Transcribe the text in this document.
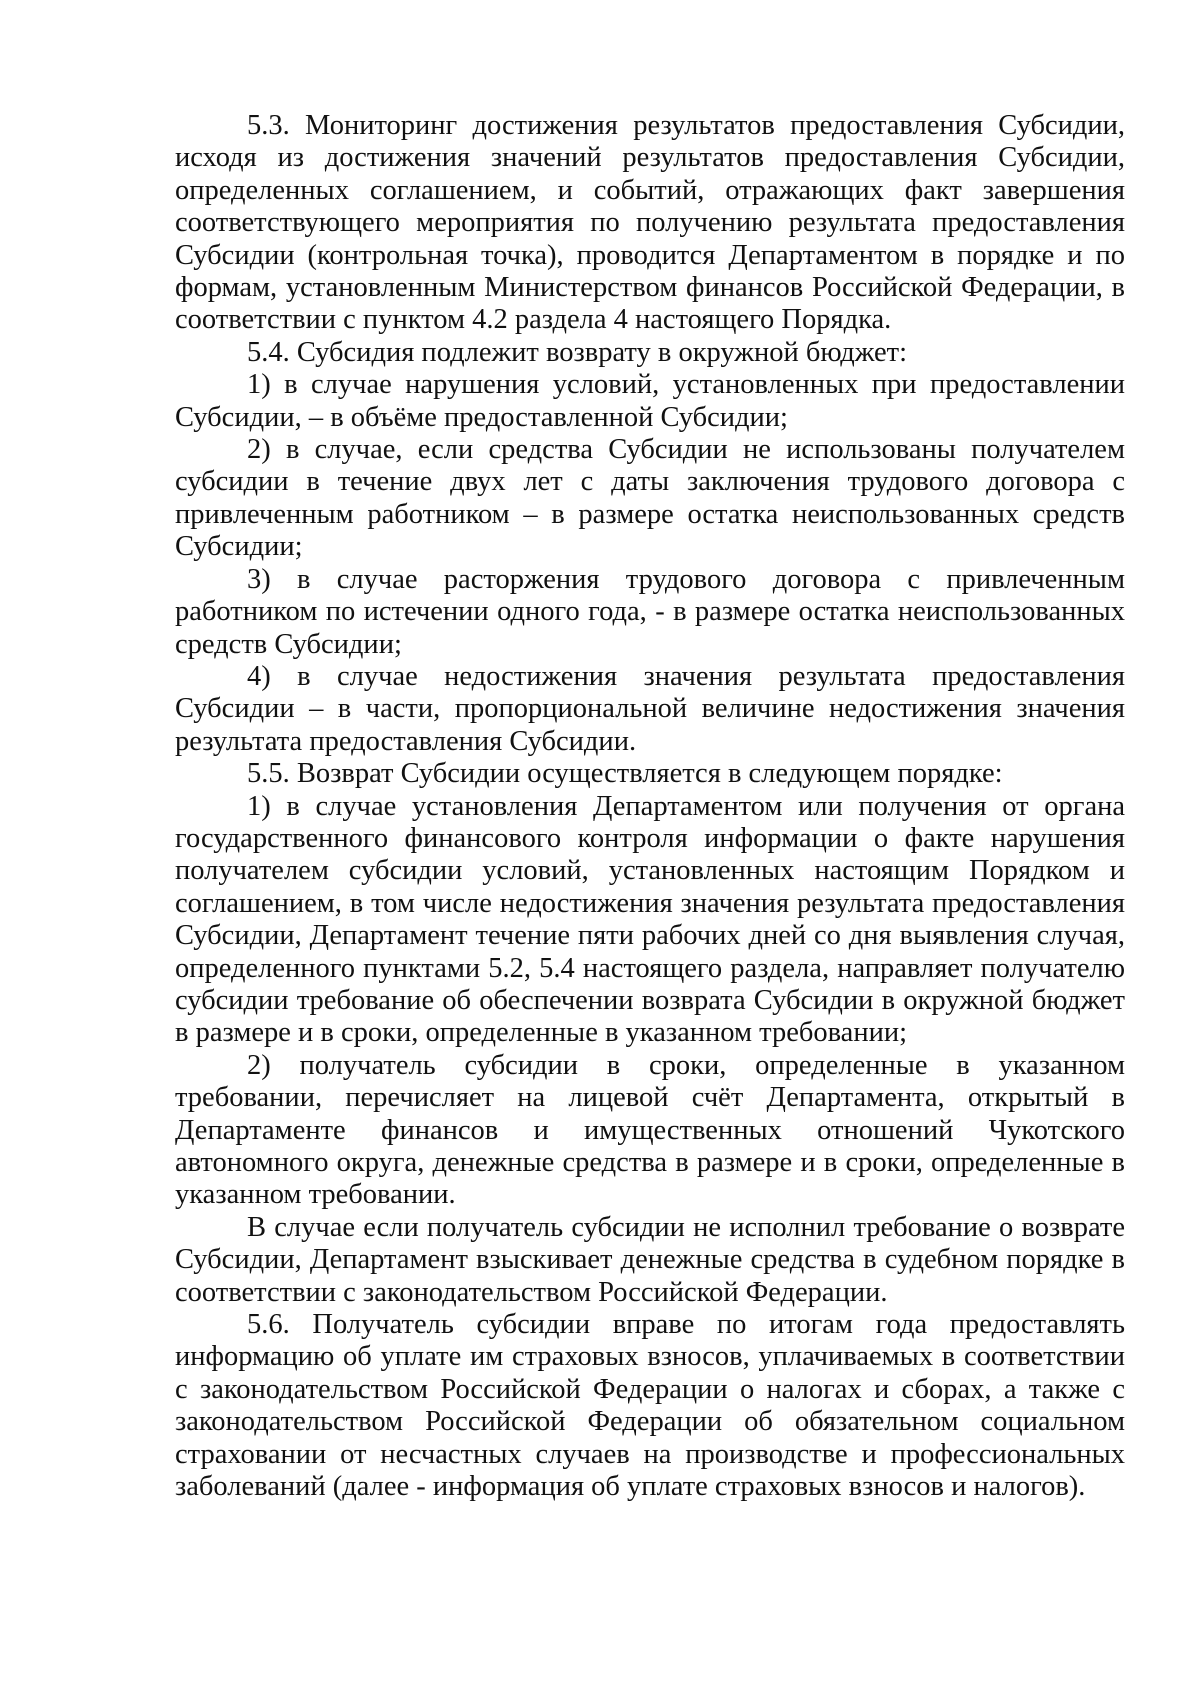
5.3. Мониторинг достижения результатов предоставления Субсидии, исходя из достижения значений результатов предоставления Субсидии, определенных соглашением, и событий, отражающих факт завершения соответствующего мероприятия по получению результата предоставления Субсидии (контрольная точка), проводится Департаментом в порядке и по формам, установленным Министерством финансов Российской Федерации, в соответствии с пунктом 4.2 раздела 4 настоящего Порядка.

5.4. Субсидия подлежит возврату в окружной бюджет:

1) в случае нарушения условий, установленных при предоставлении Субсидии, – в объёме предоставленной Субсидии;

2) в случае, если средства Субсидии не использованы получателем субсидии в течение двух лет с даты заключения трудового договора с привлеченным работником – в размере остатка неиспользованных средств Субсидии;

3) в случае расторжения трудового договора с привлеченным работником по истечении одного года, - в размере остатка неиспользованных средств Субсидии;

4) в случае недостижения значения результата предоставления Субсидии – в части, пропорциональной величине недостижения значения результата предоставления Субсидии.

5.5. Возврат Субсидии осуществляется в следующем порядке:

1) в случае установления Департаментом или получения от органа государственного финансового контроля информации о факте нарушения получателем субсидии условий, установленных настоящим Порядком и соглашением, в том числе недостижения значения результата предоставления Субсидии, Департамент течение пяти рабочих дней со дня выявления случая, определенного пунктами 5.2, 5.4 настоящего раздела, направляет получателю субсидии требование об обеспечении возврата Субсидии в окружной бюджет в размере и в сроки, определенные в указанном требовании;

2) получатель субсидии в сроки, определенные в указанном требовании, перечисляет на лицевой счёт Департамента, открытый в Департаменте финансов и имущественных отношений Чукотского автономного округа, денежные средства в размере и в сроки, определенные в указанном требовании.

В случае если получатель субсидии не исполнил требование о возврате Субсидии, Департамент взыскивает денежные средства в судебном порядке в соответствии с законодательством Российской Федерации.

5.6. Получатель субсидии вправе по итогам года предоставлять информацию об уплате им страховых взносов, уплачиваемых в соответствии с законодательством Российской Федерации о налогах и сборах, а также с законодательством Российской Федерации об обязательном социальном страховании от несчастных случаев на производстве и профессиональных заболеваний (далее - информация об уплате страховых взносов и налогов).
